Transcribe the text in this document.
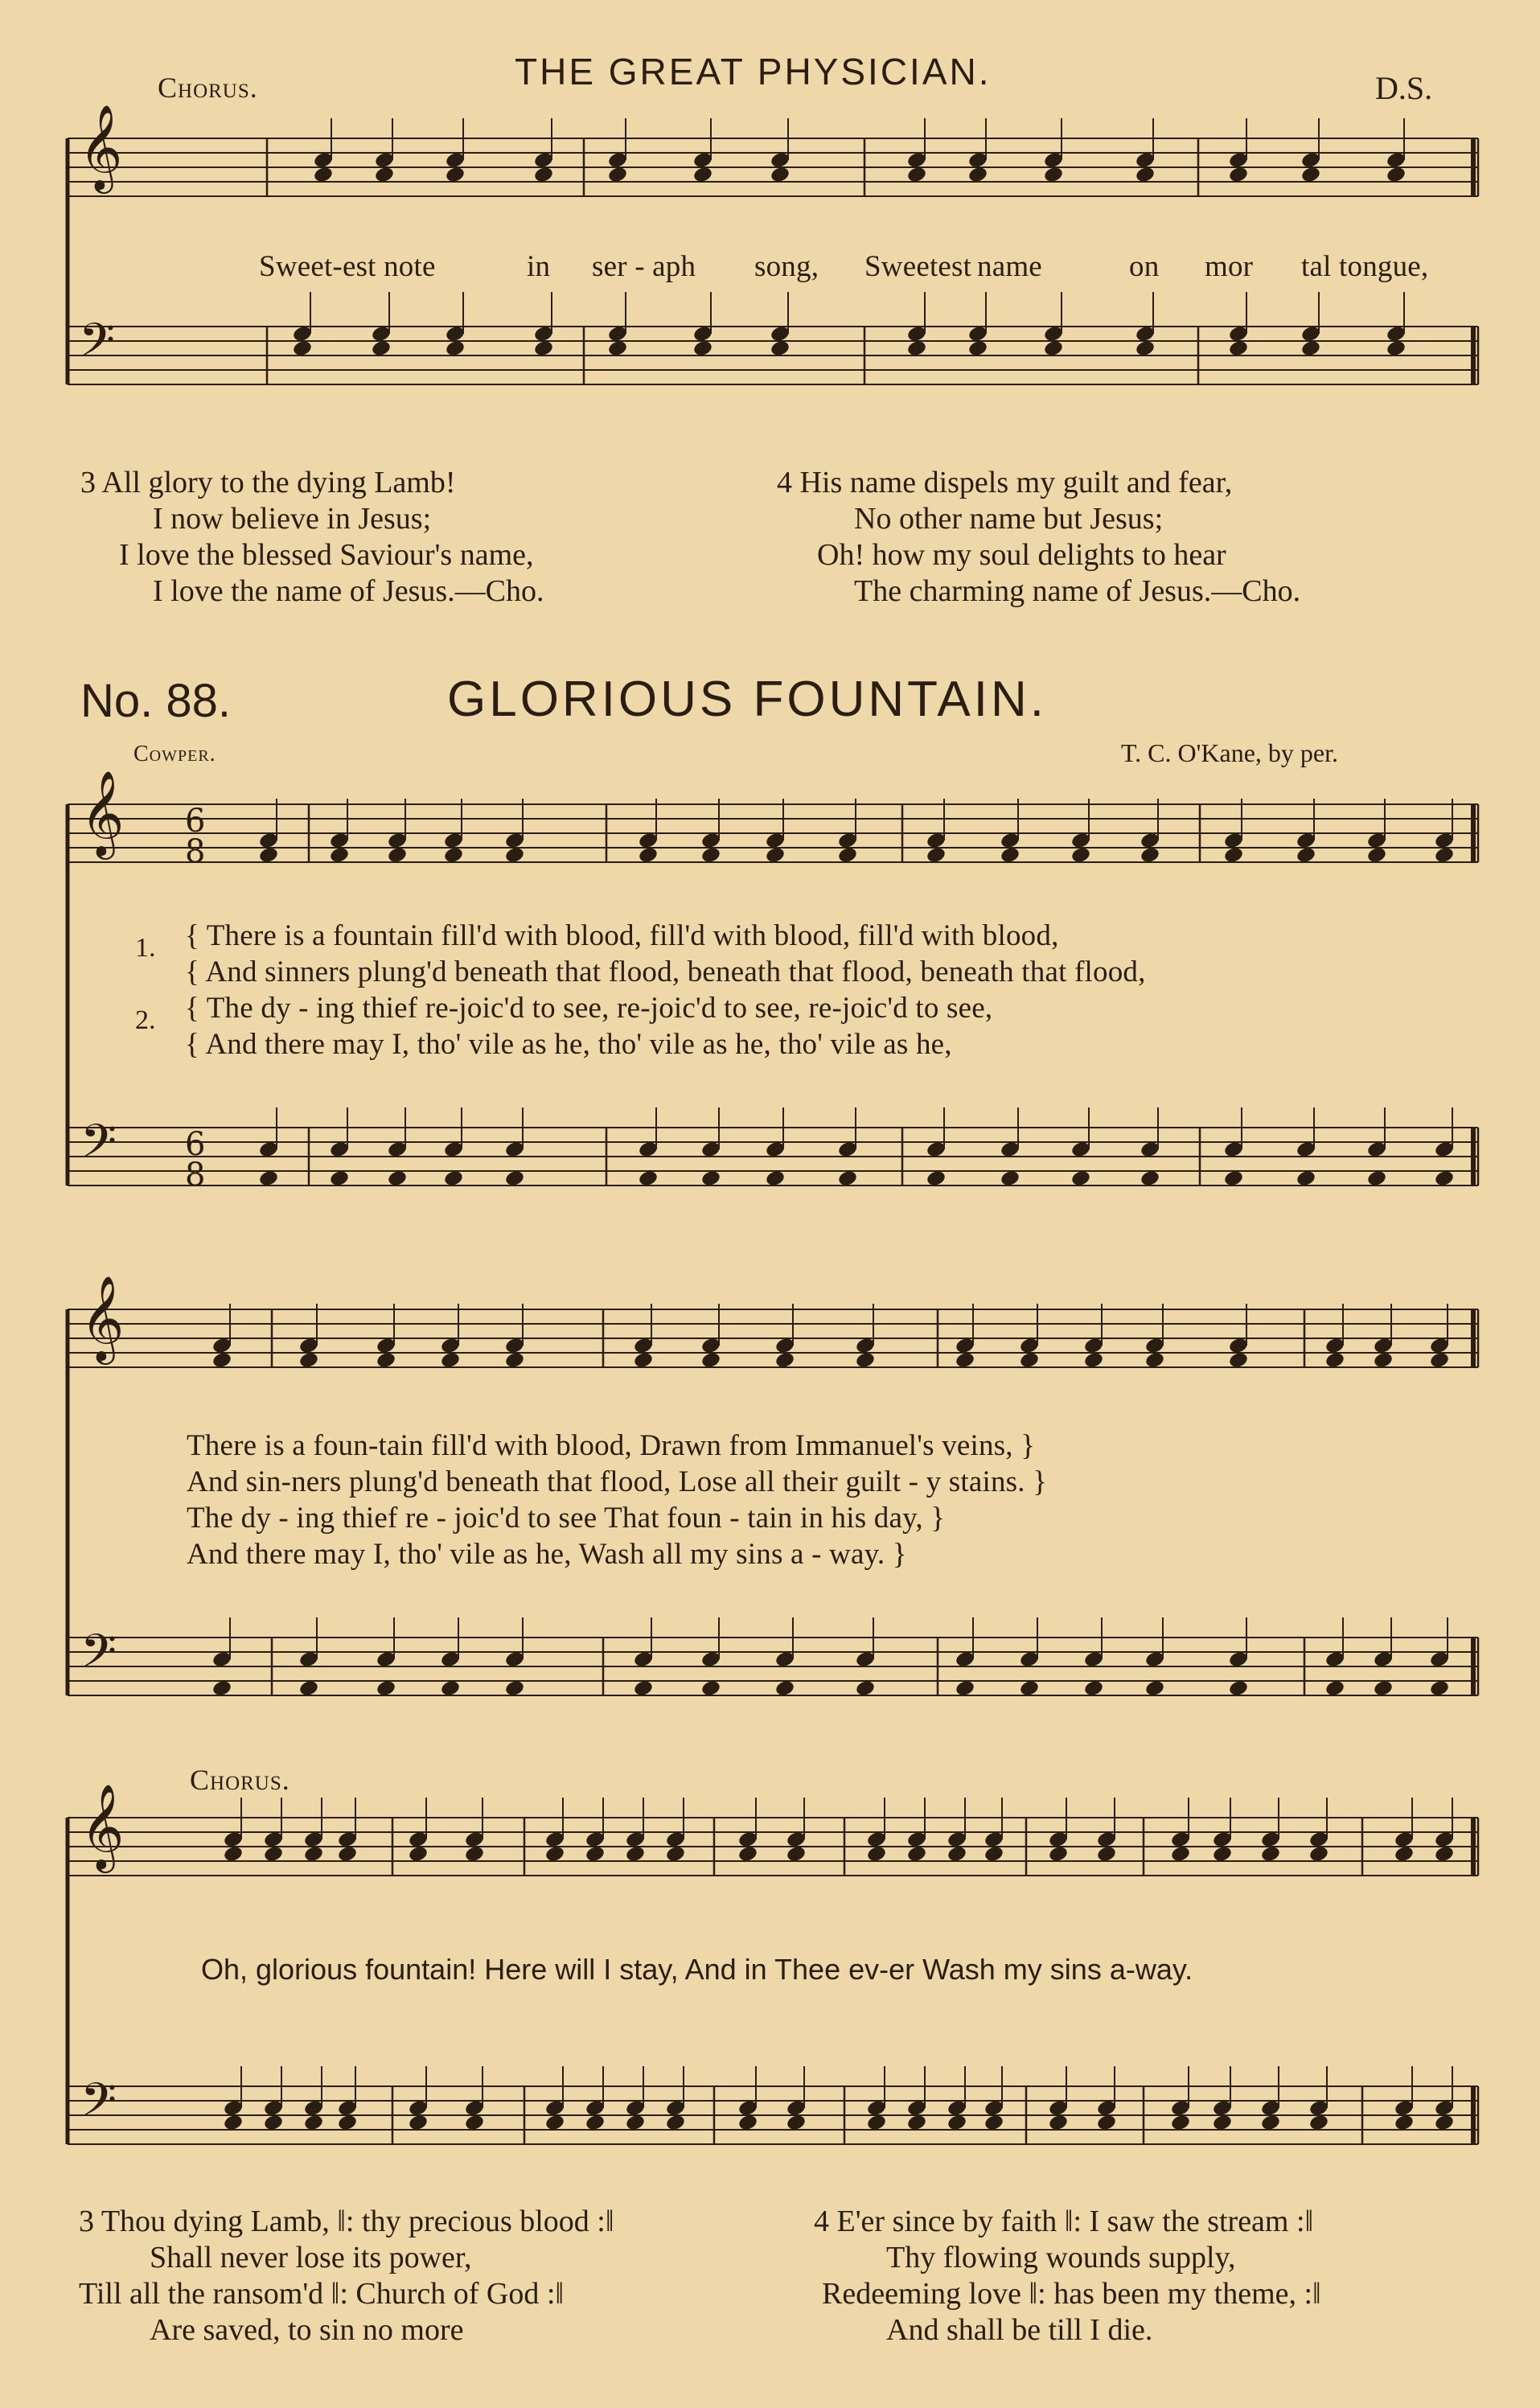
𝄞
𝄢
𝄞
𝄢
𝄞
𝄢
𝄞
𝄢
6
8
6
8
Chorus.	THE GREAT PHYSICIAN.	D.S.
Sweet-est note	in ser - aph song, Sweetest name	on mor tal tongue,
3 All glory to the dying Lamb!
I now believe in Jesus;
I love the blessed Saviour's name,
I love the name of Jesus.—Cho.
4 His name dispels my guilt and fear,
No other name but Jesus;
Oh! how my soul delights to hear
The charming name of Jesus.—Cho.
No. 88.	GLORIOUS FOUNTAIN.
Cowper.	T. C. O'Kane, by per.
1.
2.
{ There is a fountain fill'd with blood, fill'd with blood, fill'd with blood,
{ And sinners plung'd beneath that flood, beneath that flood, beneath that flood,
{ The dy - ing thief re-joic'd to see, re-joic'd to see, re-joic'd to see,
{ And there may I, tho' vile as he, tho' vile as he, tho' vile as he,
There is a foun-tain fill'd with blood, Drawn from Immanuel's veins, }
And sin-ners plung'd beneath that flood, Lose all their guilt - y stains. }
The dy - ing thief re - joic'd to see That foun - tain in his day, }
And there may I, tho' vile as he, Wash all my sins a - way. }
Chorus.
Oh, glorious fountain! Here will I stay, And in Thee ev-er Wash my sins a-way.
3 Thou dying Lamb, ‖: thy precious blood :‖
Shall never lose its power,
Till all the ransom'd ‖: Church of God :‖
Are saved, to sin no more
4 E'er since by faith ‖: I saw the stream :‖
Thy flowing wounds supply,
Redeeming love ‖: has been my theme, :‖
And shall be till I die.
